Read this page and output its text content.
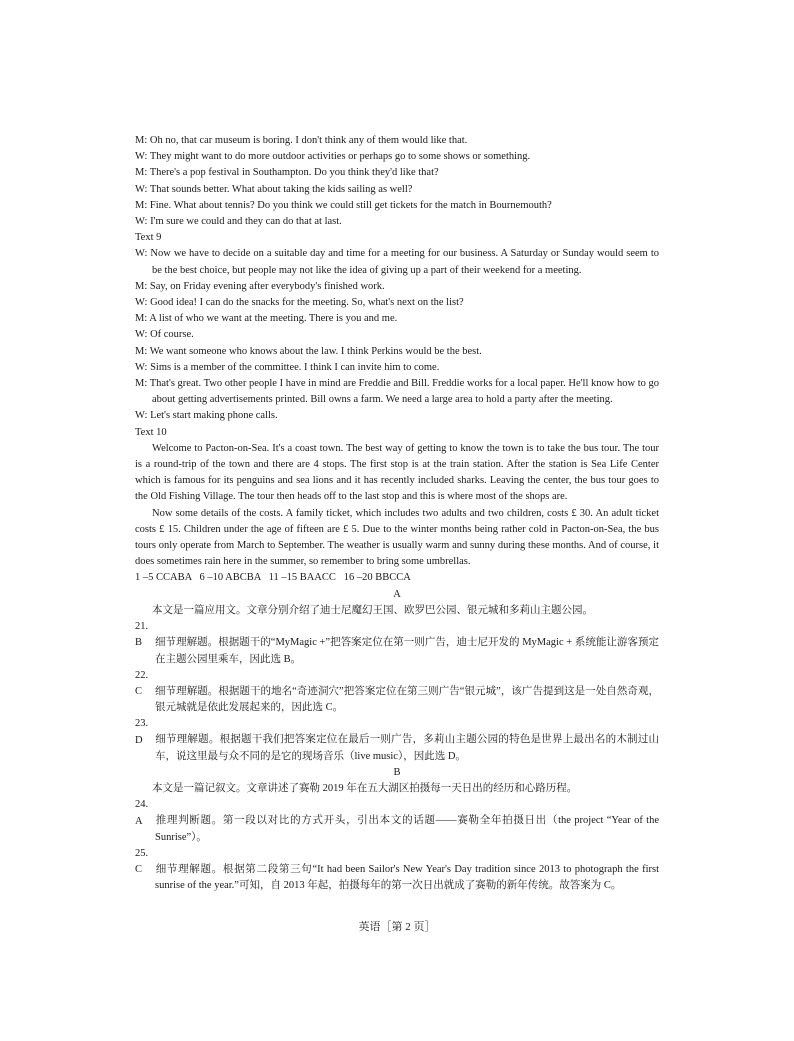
M: Oh no, that car museum is boring. I don't think any of them would like that.
W: They might want to do more outdoor activities or perhaps go to some shows or something.
M: There's a pop festival in Southampton. Do you think they'd like that?
W: That sounds better. What about taking the kids sailing as well?
M: Fine. What about tennis? Do you think we could still get tickets for the match in Bournemouth?
W: I'm sure we could and they can do that at last.
Text 9
W: Now we have to decide on a suitable day and time for a meeting for our business. A Saturday or Sunday would seem to be the best choice, but people may not like the idea of giving up a part of their weekend for a meeting.
M: Say, on Friday evening after everybody's finished work.
W: Good idea! I can do the snacks for the meeting. So, what's next on the list?
M: A list of who we want at the meeting. There is you and me.
W: Of course.
M: We want someone who knows about the law. I think Perkins would be the best.
W: Sims is a member of the committee. I think I can invite him to come.
M: That's great. Two other people I have in mind are Freddie and Bill. Freddie works for a local paper. He'll know how to go about getting advertisements printed. Bill owns a farm. We need a large area to hold a party after the meeting.
W: Let's start making phone calls.
Text 10
Welcome to Pacton-on-Sea. It's a coast town. The best way of getting to know the town is to take the bus tour. The tour is a round-trip of the town and there are 4 stops. The first stop is at the train station. After the station is Sea Life Center which is famous for its penguins and sea lions and it has recently included sharks. Leaving the center, the bus tour goes to the Old Fishing Village. The tour then heads off to the last stop and this is where most of the shops are.
Now some details of the costs. A family ticket, which includes two adults and two children, costs £ 30. An adult ticket costs £ 15. Children under the age of fifteen are £ 5. Due to the winter months being rather cold in Pacton-on-Sea, the bus tours only operate from March to September. The weather is usually warm and sunny during these months. And of course, it does sometimes rain here in the summer, so remember to bring some umbrellas.
1 –5 CCABA   6 –10 ABCBA   11 –15 BAACC   16 –20 BBCCA
A
本文是一篇应用文。文章分别介绍了迪士尼魔幻王国、欧罗巴公园、银元城和多莉山主题公园。
21. B 细节理解题。根据题干的“MyMagic +”把答案定位在第一则广告，迪士尼开发的 MyMagic + 系统能让游客预定在主题公园里乘车，因此选 B。
22. C 细节理解题。根据题干的地名“奇迹洞穴”把答案定位在第三则广告“银元城”，该广告提到这是一处自然奇观，银元城就是依此发展起来的，因此选 C。
23. D 细节理解题。根据题干我们把答案定位在最后一则广告，多莉山主题公园的特色是世界上最出名的木制过山车，说这里最与众不同的是它的现场音乐（live music），因此选 D。
B
本文是一篇记叙文。文章讲述了赛勒 2019 年在五大湖区拍摄每一天日出的经历和心路历程。
24. A 推理判断题。第一段以对比的方式开头，引出本文的话题——赛勒全年拍摄日出（the project “Year of the Sunrise”）。
25. C 细节理解题。根据第二段第三句“It had been Sailor's New Year's Day tradition since 2013 to photograph the first sunrise of the year.”可知，自 2013 年起，拍摄每年的第一次日出就成了赛勒的新年传统。故答案为 C。
英语［第 2 页］
